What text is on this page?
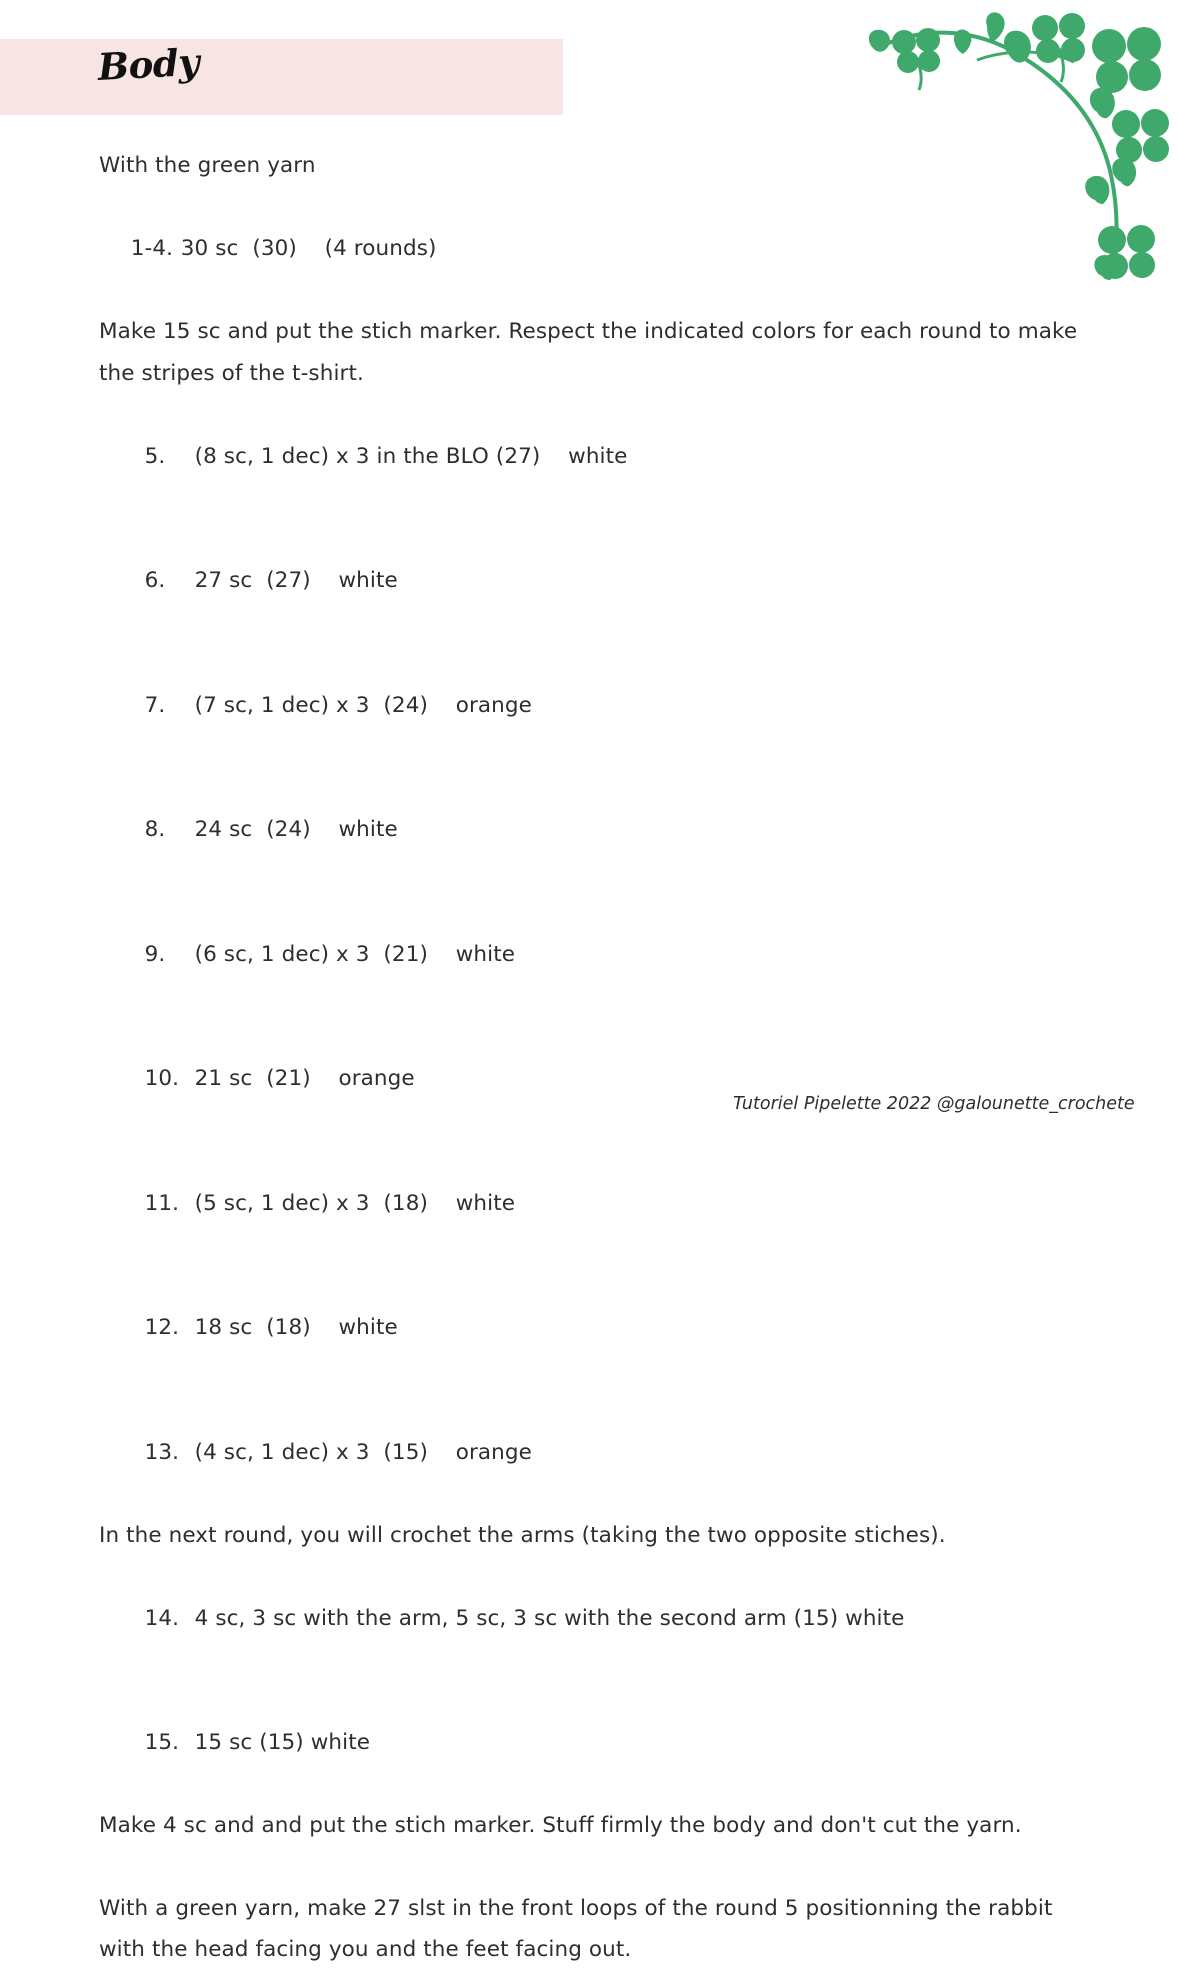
Body

With the green yarn

1-4. 30 sc  (30)    (4 rounds)

Make 15 sc and put the stich marker. Respect the indicated colors for each round to make the stripes of the t-shirt.

5. (8 sc, 1 dec) x 3 in the BLO (27)    white

6. 27 sc  (27)    white

7. (7 sc, 1 dec) x 3  (24)    orange

8. 24 sc  (24)    white

9. (6 sc, 1 dec) x 3  (21)    white

10. 21 sc  (21)    orange

11. (5 sc, 1 dec) x 3  (18)    white

12. 18 sc  (18)    white

13. (4 sc, 1 dec) x 3  (15)    orange

In the next round, you will crochet the arms (taking the two opposite stiches).

14. 4 sc, 3 sc with the arm, 5 sc, 3 sc with the second arm (15) white

15. 15 sc (15) white

Make 4 sc and and put the stich marker. Stuff firmly the body and don't cut the yarn.

With a green yarn, make 27 slst in the front loops of the round 5 positionning the rabbit with the head facing you and the feet facing out.

Tutoriel Pipelette 2022 @galounette_crochete
